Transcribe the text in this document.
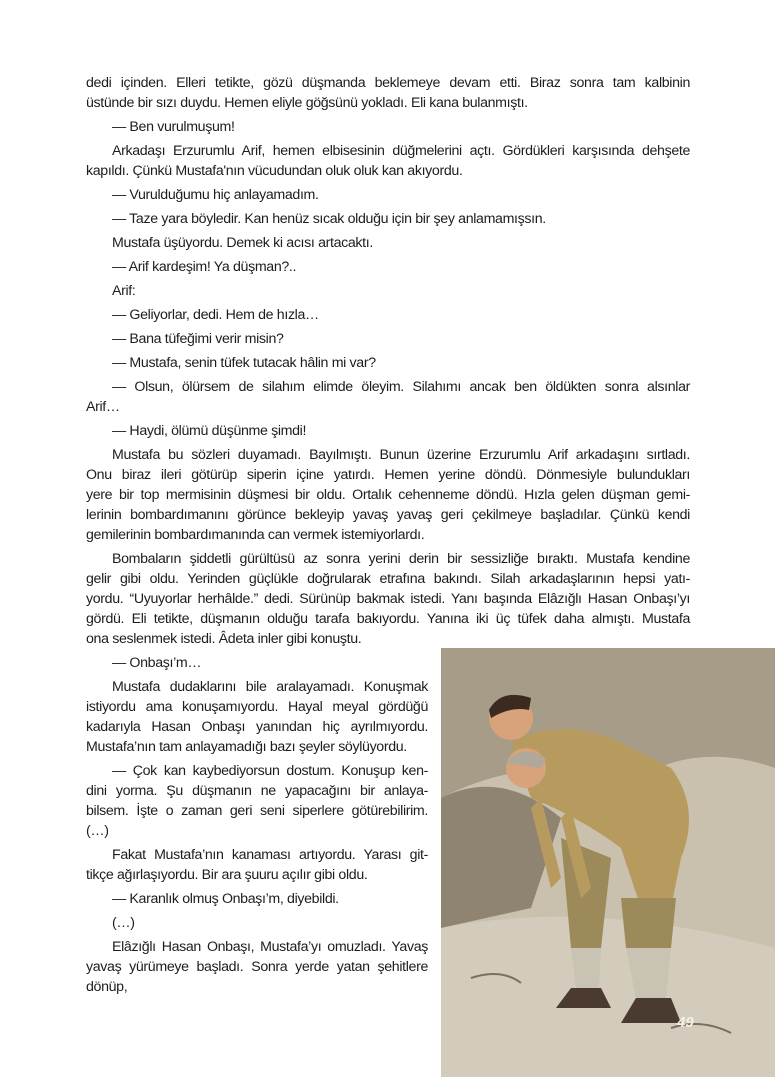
dedi içinden. Elleri tetikte, gözü düşmanda beklemeye devam etti. Biraz sonra tam kalbinin
üstünde bir sızı duydu. Hemen eliyle göğsünü yokladı. Eli kana bulanmıştı.
— Ben vurulmuşum!
Arkadaşı Erzurumlu Arif, hemen elbisesinin düğmelerini açtı. Gördükleri karşısında dehşete
kapıldı. Çünkü Mustafa'nın vücudundan oluk oluk kan akıyordu.
— Vurulduğumu hiç anlayamadım.
— Taze yara böyledir. Kan henüz sıcak olduğu için bir şey anlamamışsın.
Mustafa üşüyordu. Demek ki acısı artacaktı.
— Arif kardeşim! Ya düşman?..
Arif:
— Geliyorlar, dedi. Hem de hızla…
— Bana tüfeğimi verir misin?
— Mustafa, senin tüfek tutacak hâlin mi var?
— Olsun, ölürsem de silahım elimde öleyim. Silahımı ancak ben öldükten sonra alsınlar
Arif…
— Haydi, ölümü düşünme şimdi!
Mustafa bu sözleri duyamadı. Bayılmıştı. Bunun üzerine Erzurumlu Arif arkadaşını sırtladı.
Onu biraz ileri götürüp siperin içine yatırdı. Hemen yerine döndü. Dönmesiyle bulundukları
yere bir top mermisinin düşmesi bir oldu. Ortalık cehenneme döndü. Hızla gelen düşman gemi-
lerinin bombardımanını görünce bekleyip yavaş yavaş geri çekilmeye başladılar. Çünkü kendi
gemilerinin bombardımanında can vermek istemiyorlardı.
Bombaların şiddetli gürültüsü az sonra yerini derin bir sessizliğe bıraktı. Mustafa kendine
gelir gibi oldu. Yerinden güçlükle doğrularak etrafına bakındı. Silah arkadaşlarının hepsi yatı-
yordu. “Uyuyorlar herhâlde.” dedi. Sürünüp bakmak istedi. Yanı başında Elâzığlı Hasan Onbaşı’yı
gördü. Eli tetikte, düşmanın olduğu tarafa bakıyordu. Yanına iki üç tüfek daha almıştı. Mustafa
ona seslenmek istedi. Âdeta inler gibi konuştu.
— Onbaşı’m…
Mustafa dudaklarını bile aralayamadı. Konuşmak
istiyordu ama konuşamıyordu. Hayal meyal gördüğü
kadarıyla Hasan Onbaşı yanından hiç ayrılmıyordu.
Mustafa’nın tam anlayamadığı bazı şeyler söylüyordu.
— Çok kan kaybediyorsun dostum. Konuşup ken-
dini yorma. Şu düşmanın ne yapacağını bir anlaya-
bilsem. İşte o zaman geri seni siperlere götürebilirim.
(…)
Fakat Mustafa’nın kanaması artıyordu. Yarası git-
tikçe ağırlaşıyordu. Bir ara şuuru açılır gibi oldu.
— Karanlık olmuş Onbaşı’m, diyebildi.
(…)
Elâzığlı Hasan Onbaşı, Mustafa’yı omuzladı. Yavaş
yavaş yürümeye başladı. Sonra yerde yatan şehitlere
dönüp,
49
